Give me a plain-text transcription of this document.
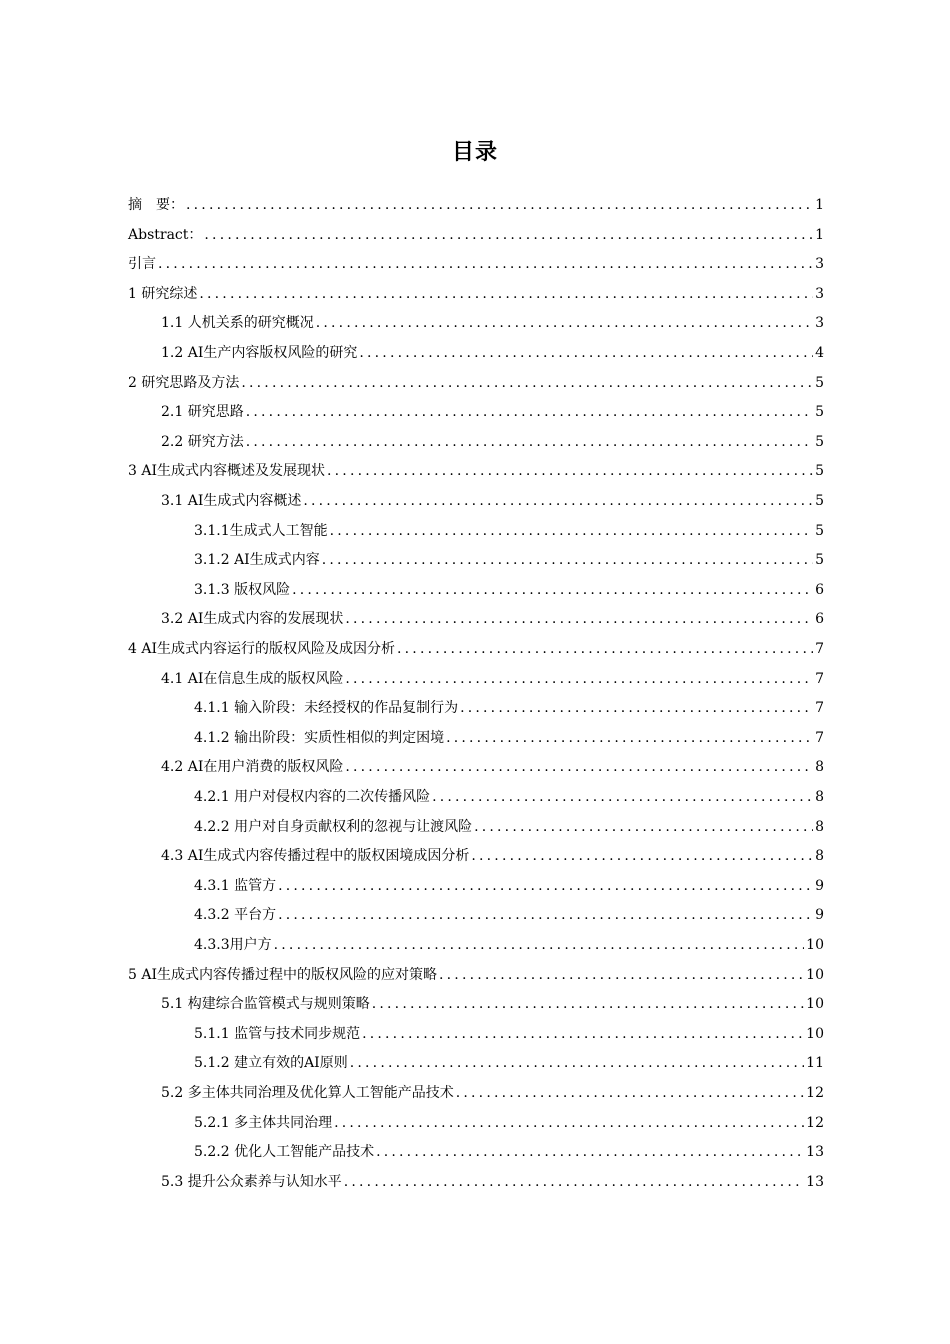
目录
摘　要： .....	1
Abstract： .....	1
引言 .....	3
1 研究综述 .....	3
1.1 人机关系的研究概况 .....	3
1.2 AI生产内容版权风险的研究 .....	4
2 研究思路及方法 .....	5
2.1 研究思路 .....	5
2.2 研究方法 .....	5
3 AI生成式内容概述及发展现状 .....	5
3.1 AI生成式内容概述 .....	5
3.1.1生成式人工智能 .....	5
3.1.2 AI生成式内容 .....	5
3.1.3 版权风险 .....	6
3.2 AI生成式内容的发展现状 .....	6
4 AI生成式内容运行的版权风险及成因分析 .....	7
4.1 AI在信息生成的版权风险 .....	7
4.1.1 输入阶段：未经授权的作品复制行为 .....	7
4.1.2 输出阶段：实质性相似的判定困境 .....	7
4.2 AI在用户消费的版权风险 .....	8
4.2.1 用户对侵权内容的二次传播风险 .....	8
4.2.2 用户对自身贡献权利的忽视与让渡风险 .....	8
4.3 AI生成式内容传播过程中的版权困境成因分析 .....	8
4.3.1 监管方 .....	9
4.3.2 平台方 .....	9
4.3.3用户方 .....	10
5 AI生成式内容传播过程中的版权风险的应对策略 .....	10
5.1 构建综合监管模式与规则策略 .....	10
5.1.1 监管与技术同步规范 .....	10
5.1.2 建立有效的AI原则 .....	11
5.2 多主体共同治理及优化算人工智能产品技术 .....	12
5.2.1 多主体共同治理 .....	12
5.2.2 优化人工智能产品技术 .....	13
5.3 提升公众素养与认知水平 .....	13
